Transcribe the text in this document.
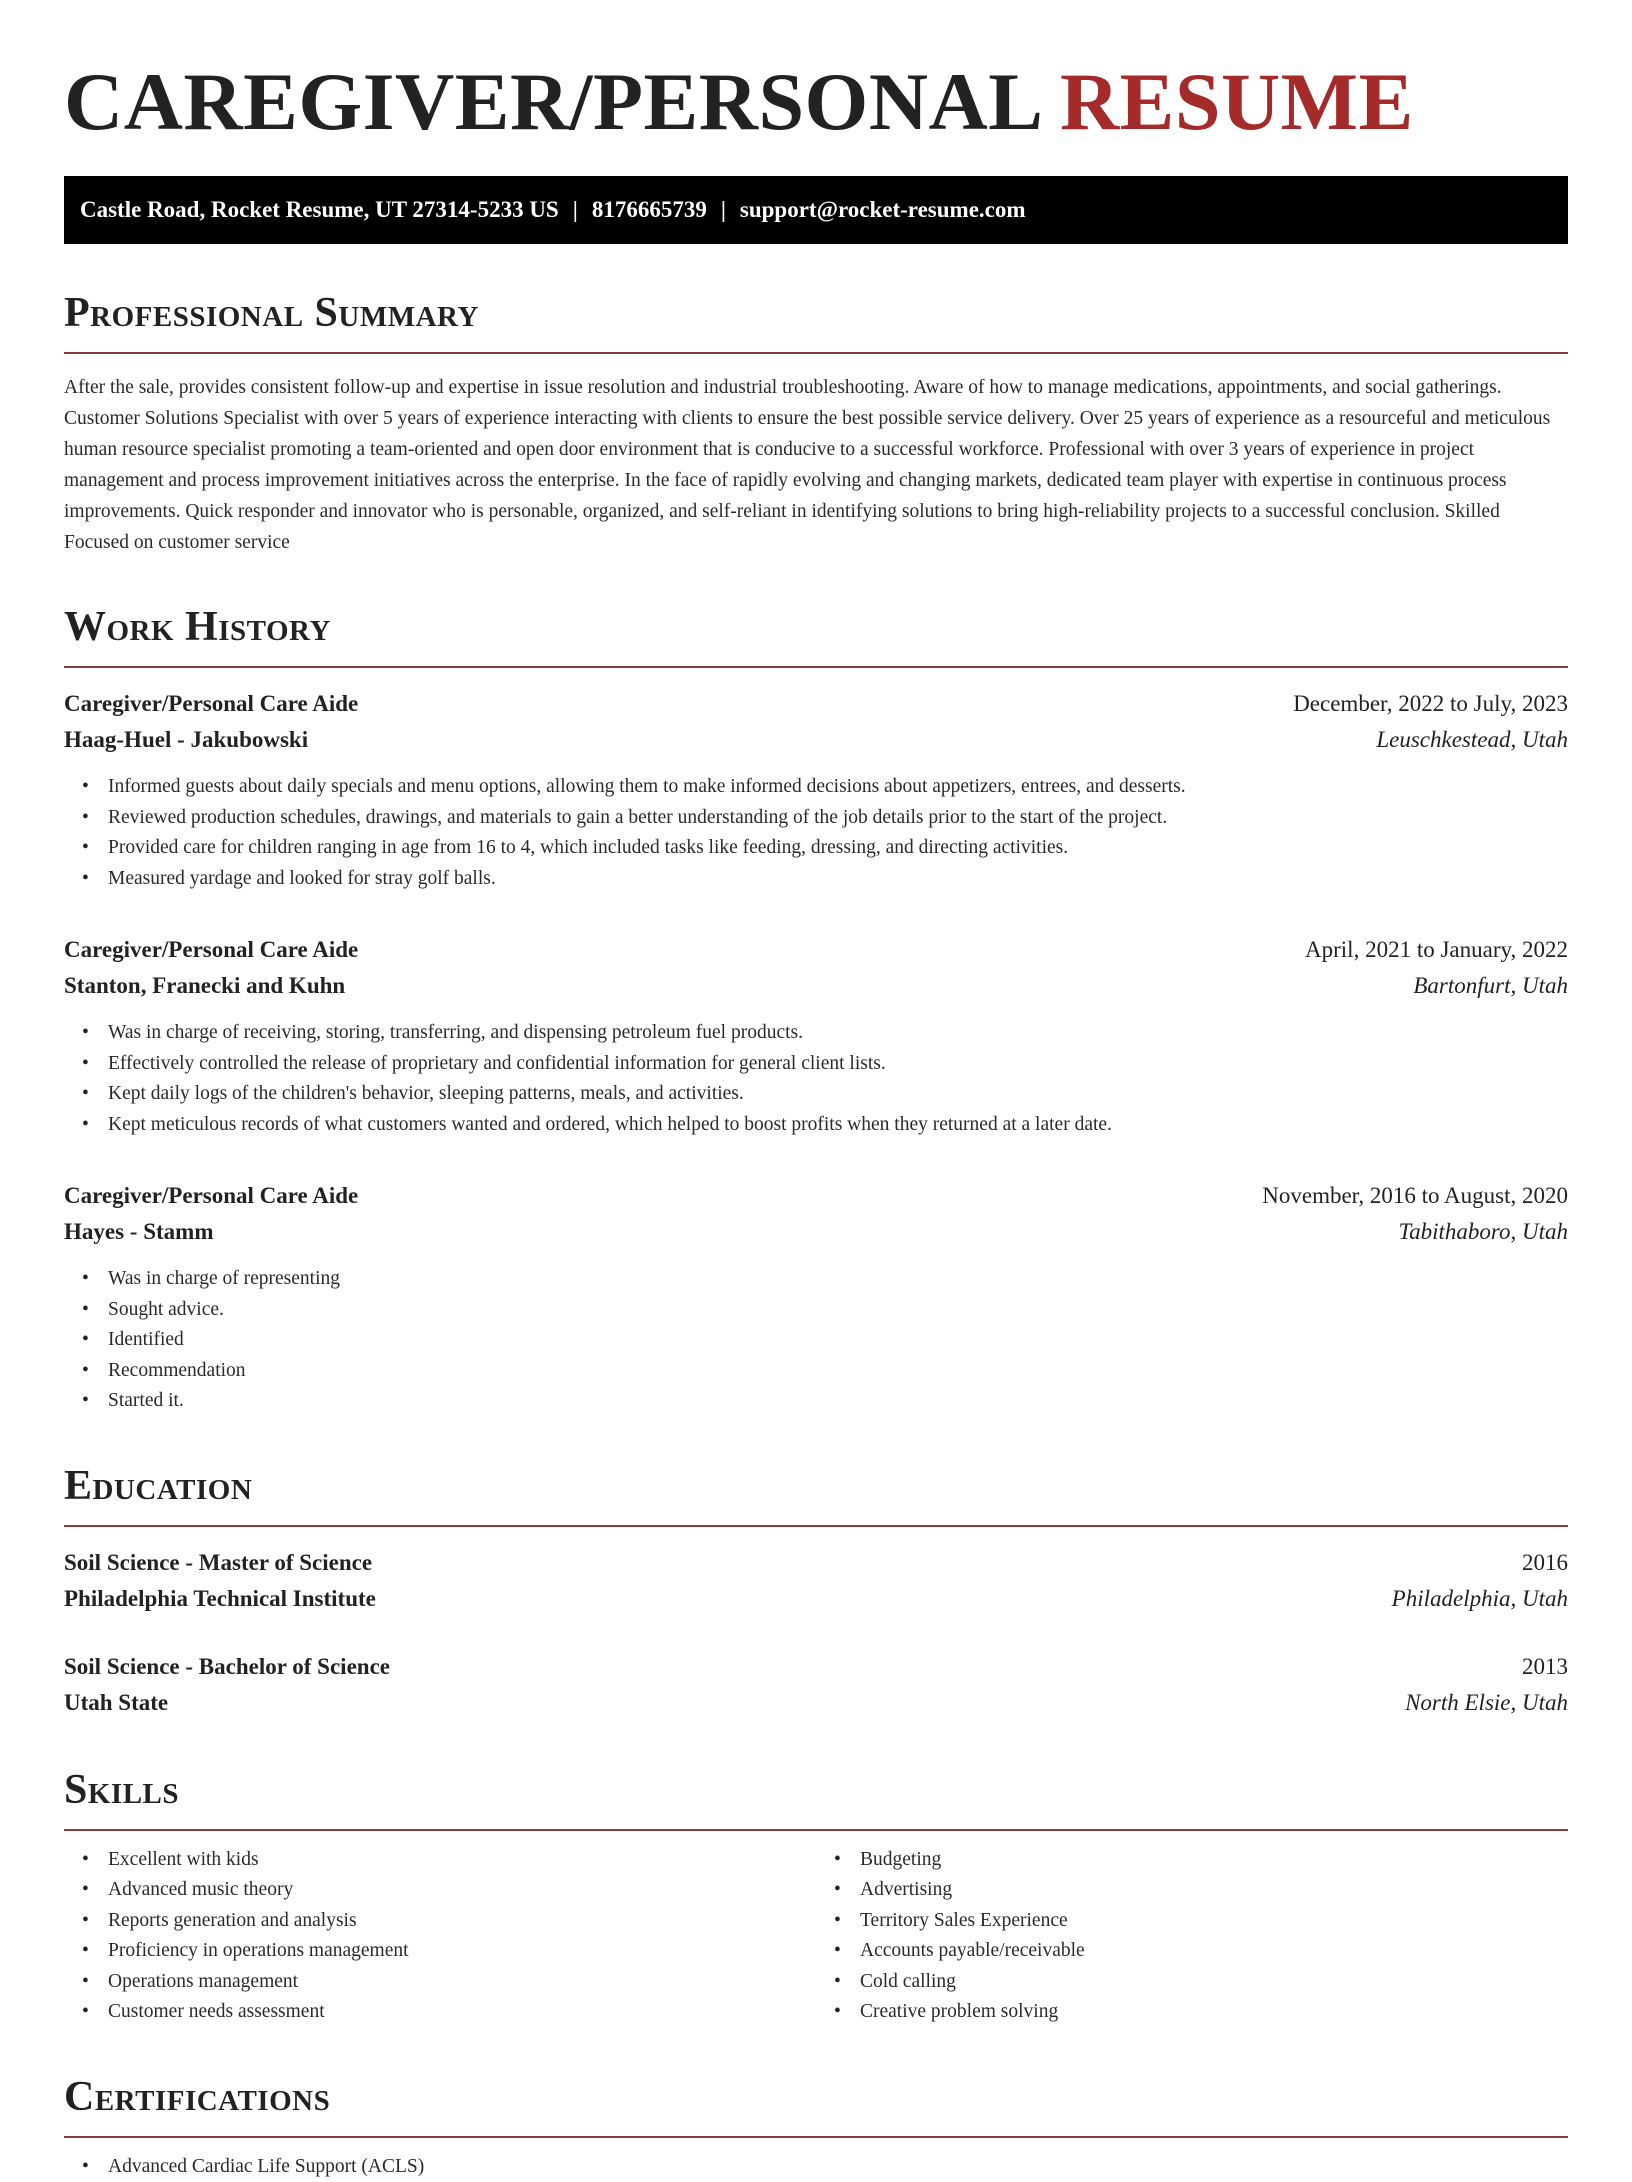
CAREGIVER/PERSONAL RESUME
Castle Road, Rocket Resume, UT 27314-5233 US | 8176665739 | support@rocket-resume.com
Professional Summary

After the sale, provides consistent follow-up and expertise in issue resolution and industrial troubleshooting. Aware of how to manage medications, appointments, and social gatherings. Customer Solutions Specialist with over 5 years of experience interacting with clients to ensure the best possible service delivery. Over 25 years of experience as a resourceful and meticulous human resource specialist promoting a team-oriented and open door environment that is conducive to a successful workforce. Professional with over 3 years of experience in project management and process improvement initiatives across the enterprise. In the face of rapidly evolving and changing markets, dedicated team player with expertise in continuous process improvements. Quick responder and innovator who is personable, organized, and self-reliant in identifying solutions to bring high-reliability projects to a successful conclusion. Skilled Focused on customer service

Work History
Caregiver/Personal Care Aide	December, 2022 to July, 2023
Haag-Huel - Jakubowski	Leuschkestead, Utah
• Informed guests about daily specials and menu options, allowing them to make informed decisions about appetizers, entrees, and desserts.
• Reviewed production schedules, drawings, and materials to gain a better understanding of the job details prior to the start of the project.
• Provided care for children ranging in age from 16 to 4, which included tasks like feeding, dressing, and directing activities.
• Measured yardage and looked for stray golf balls.
Caregiver/Personal Care Aide	April, 2021 to January, 2022
Stanton, Franecki and Kuhn	Bartonfurt, Utah
• Was in charge of receiving, storing, transferring, and dispensing petroleum fuel products.
• Effectively controlled the release of proprietary and confidential information for general client lists.
• Kept daily logs of the children's behavior, sleeping patterns, meals, and activities.
• Kept meticulous records of what customers wanted and ordered, which helped to boost profits when they returned at a later date.
Caregiver/Personal Care Aide	November, 2016 to August, 2020
Hayes - Stamm	Tabithaboro, Utah
• Was in charge of representing
• Sought advice.
• Identified
• Recommendation
• Started it.
Education
Soil Science - Master of Science	2016
Philadelphia Technical Institute	Philadelphia, Utah
Soil Science - Bachelor of Science	2013
Utah State	North Elsie, Utah
Skills
• Excellent with kids
• Advanced music theory
• Reports generation and analysis
• Proficiency in operations management
• Operations management
• Customer needs assessment
• Budgeting
• Advertising
• Territory Sales Experience
• Accounts payable/receivable
• Cold calling
• Creative problem solving
Certifications
• Advanced Cardiac Life Support (ACLS)
